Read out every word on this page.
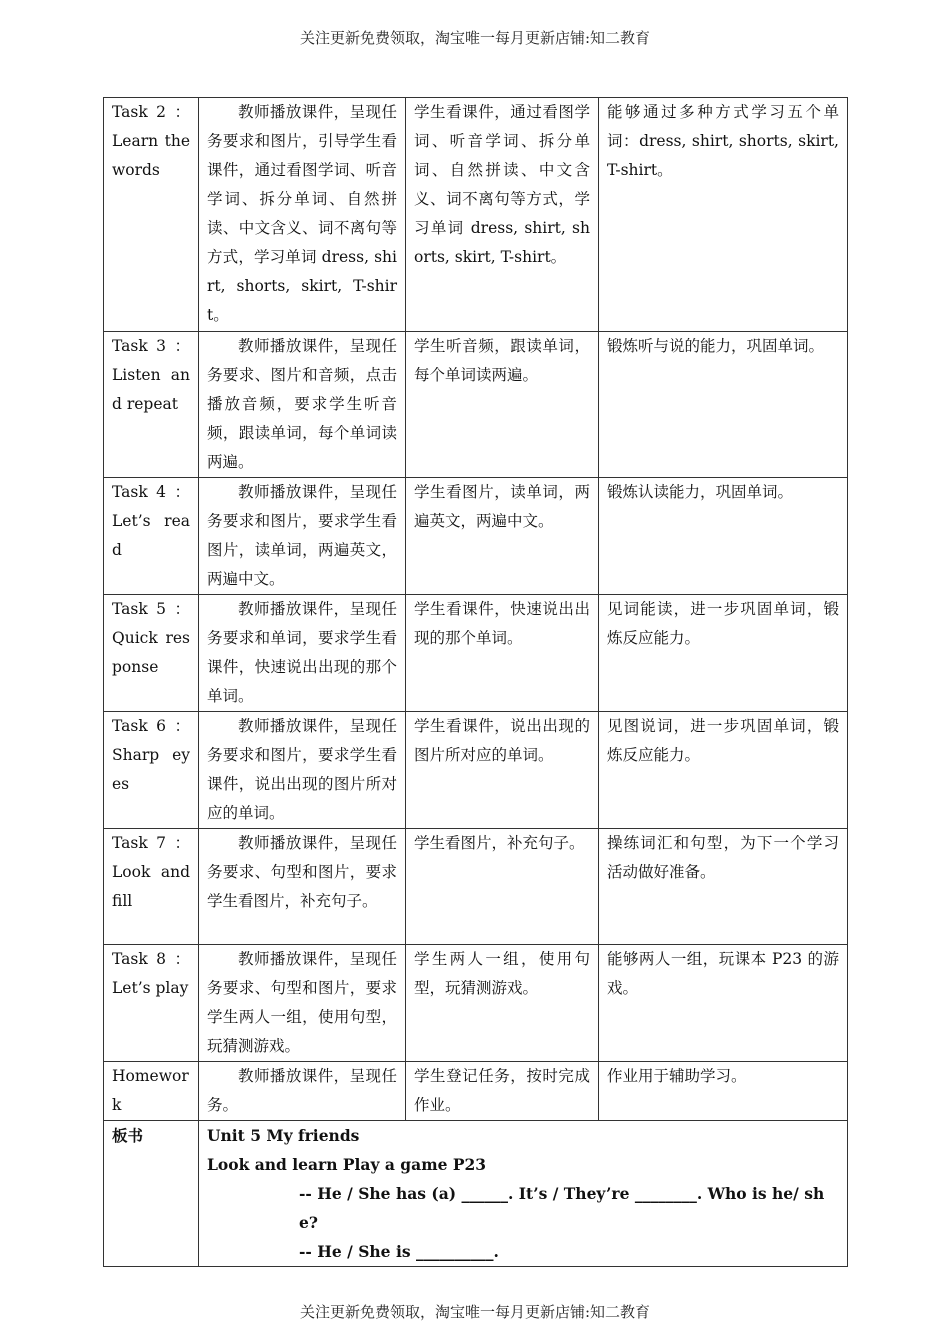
关注更新免费领取，淘宝唯一每月更新店铺:知二教育
Task 2 ： Learn the words	教师播放课件，呈现任务要求和图片，引导学生看课件，通过看图学词、听音学词、拆分单词、自然拼读、中文含义、词不离句等方式，学习单词 dress, shirt, shorts, skirt, T-shirt。	学生看课件，通过看图学词、听音学词、拆分单词、自然拼读、中文含义、词不离句等方式，学习单词 dress, shirt, shorts, skirt, T-shirt。	能够通过多种方式学习五个单词：dress, shirt, shorts, skirt, T-shirt。
Task 3 ： Listen and repeat	教师播放课件，呈现任务要求、图片和音频，点击播放音频，要求学生听音频，跟读单词，每个单词读两遍。	学生听音频，跟读单词，每个单词读两遍。	锻炼听与说的能力，巩固单词。
Task 4 ： Let’s read	教师播放课件，呈现任务要求和图片，要求学生看图片，读单词，两遍英文，两遍中文。	学生看图片，读单词，两遍英文，两遍中文。	锻炼认读能力，巩固单词。
Task 5 ： Quick response	教师播放课件，呈现任务要求和单词，要求学生看课件，快速说出出现的那个单词。	学生看课件，快速说出出现的那个单词。	见词能读，进一步巩固单词，锻炼反应能力。
Task 6 ： Sharp eyes	教师播放课件，呈现任务要求和图片，要求学生看课件，说出出现的图片所对应的单词。	学生看课件，说出出现的图片所对应的单词。	见图说词，进一步巩固单词，锻炼反应能力。
Task 7 ： Look and fill	教师播放课件，呈现任务要求、句型和图片，要求学生看图片，补充句子。	学生看图片，补充句子。	操练词汇和句型，为下一个学习活动做好准备。
Task 8 ： Let’s play	教师播放课件，呈现任务要求、句型和图片，要求学生两人一组，使用句型，玩猜测游戏。	学生两人一组，使用句型，玩猜测游戏。	能够两人一组，玩课本 P23 的游戏。
Homework	教师播放课件，呈现任务。	学生登记任务，按时完成作业。	作业用于辅助学习。
板书	Unit 5 My friends
Look and learn Play a game P23
-- He / She has (a) ______. It’s / They’re ________. Who is he/ she?
-- He / She is __________.		
关注更新免费领取，淘宝唯一每月更新店铺:知二教育
